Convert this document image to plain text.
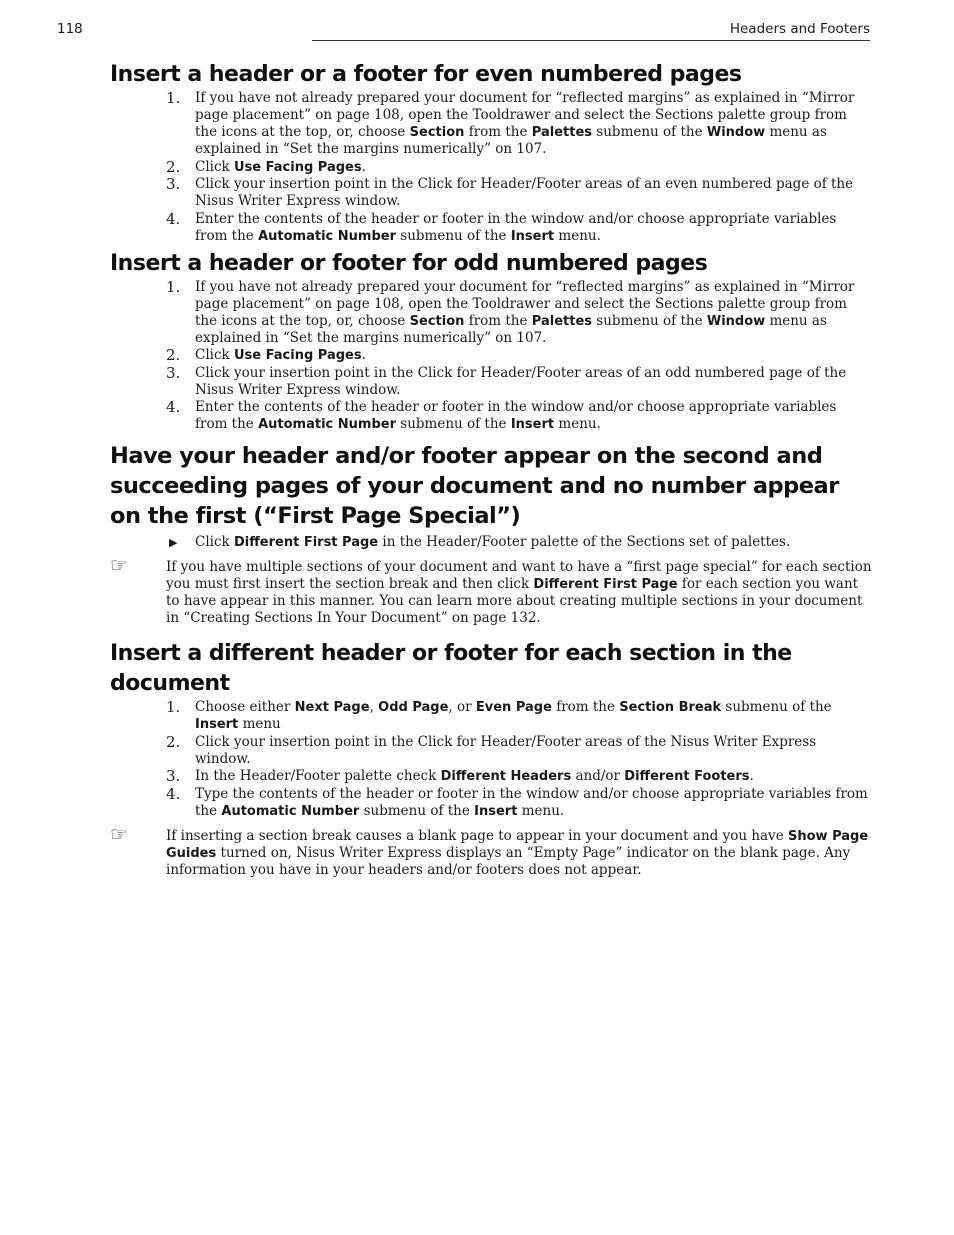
118	Headers and Footers
Insert a header or a footer for even numbered pages
1. If you have not already prepared your document for “reflected margins” as explained in “Mirror page placement” on page 108, open the Tooldrawer and select the Sections palette group from the icons at the top, or, choose Section from the Palettes submenu of the Window menu as explained in “Set the margins numerically” on 107.
2. Click Use Facing Pages.
3. Click your insertion point in the Click for Header/Footer areas of an even numbered page of the Nisus Writer Express window.
4. Enter the contents of the header or footer in the window and/or choose appropriate variables from the Automatic Number submenu of the Insert menu.
Insert a header or footer for odd numbered pages
1. If you have not already prepared your document for “reflected margins” as explained in “Mirror page placement” on page 108, open the Tooldrawer and select the Sections palette group from the icons at the top, or, choose Section from the Palettes submenu of the Window menu as explained in “Set the margins numerically” on 107.
2. Click Use Facing Pages.
3. Click your insertion point in the Click for Header/Footer areas of an odd numbered page of the Nisus Writer Express window.
4. Enter the contents of the header or footer in the window and/or choose appropriate variables from the Automatic Number submenu of the Insert menu.
Have your header and/or footer appear on the second and succeeding pages of your document and no number appear on the first (“First Page Special”)
▶ Click Different First Page in the Header/Footer palette of the Sections set of palettes.
☞	If you have multiple sections of your document and want to have a “first page special” for each section you must first insert the section break and then click Different First Page for each section you want to have appear in this manner. You can learn more about creating multiple sections in your document in “Creating Sections In Your Document” on page 132.
Insert a different header or footer for each section in the document
1. Choose either Next Page, Odd Page, or Even Page from the Section Break submenu of the Insert menu
2. Click your insertion point in the Click for Header/Footer areas of the Nisus Writer Express window.
3. In the Header/Footer palette check Different Headers and/or Different Footers.
4. Type the contents of the header or footer in the window and/or choose appropriate variables from the Automatic Number submenu of the Insert menu.
☞	If inserting a section break causes a blank page to appear in your document and you have Show Page Guides turned on, Nisus Writer Express displays an “Empty Page” indicator on the blank page. Any information you have in your headers and/or footers does not appear.
